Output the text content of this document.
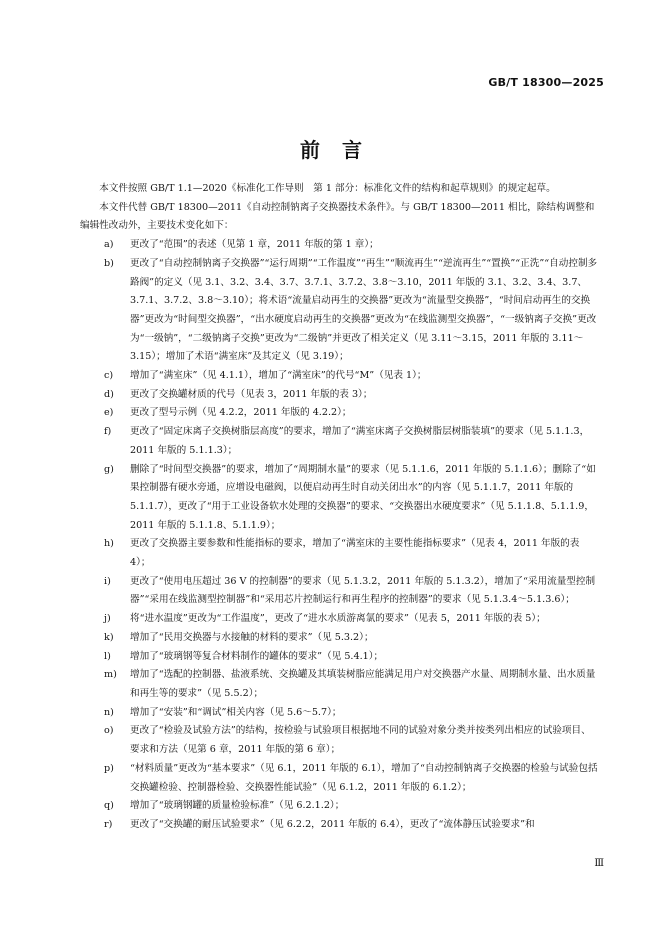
GB/T 18300—2025
前言

本文件按照 GB/T 1.1—2020《标准化工作导则　第 1 部分：标准化文件的结构和起草规则》的规定起草。

本文件代替 GB/T 18300—2011《自动控制钠离子交换器技术条件》。与 GB/T 18300—2011 相比，除结构调整和编辑性改动外，主要技术变化如下：

a)	更改了“范围”的表述（见第 1 章，2011 年版的第 1 章）；
b)	更改了“自动控制钠离子交换器”“运行周期”“工作温度”“再生”“顺流再生”“逆流再生”“置换”“正洗”“自动控制多路阀”的定义（见 3.1、3.2、3.4、3.7、3.7.1、3.7.2、3.8～3.10，2011 年版的 3.1、3.2、3.4、3.7、3.7.1、3.7.2、3.8～3.10）；将术语“流量启动再生的交换器”更改为“流量型交换器”，“时间启动再生的交换器”更改为“时间型交换器”，“出水硬度启动再生的交换器”更改为“在线监测型交换器”，“一级钠离子交换”更改为“一级钠”，“二级钠离子交换”更改为“二级钠”并更改了相关定义（见 3.11～3.15，2011 年版的 3.11～3.15）；增加了术语“满室床”及其定义（见 3.19）；
c)	增加了“满室床”（见 4.1.1），增加了“满室床”的代号“M”（见表 1）；
d)	更改了交换罐材质的代号（见表 3，2011 年版的表 3）；
e)	更改了型号示例（见 4.2.2，2011 年版的 4.2.2）；
f)	更改了“固定床离子交换树脂层高度”的要求，增加了“满室床离子交换树脂层树脂装填”的要求（见 5.1.1.3，2011 年版的 5.1.1.3）；
g)	删除了“时间型交换器”的要求，增加了“周期制水量”的要求（见 5.1.1.6，2011 年版的 5.1.1.6）；删除了“如果控制器有硬水旁通，应增设电磁阀，以便启动再生时自动关闭出水”的内容（见 5.1.1.7，2011 年版的 5.1.1.7），更改了“用于工业设备软水处理的交换器”的要求、“交换器出水硬度要求”（见 5.1.1.8、5.1.1.9，2011 年版的 5.1.1.8、5.1.1.9）；
h)	更改了交换器主要参数和性能指标的要求，增加了“满室床的主要性能指标要求”（见表 4，2011 年版的表 4）；
i)	更改了“使用电压超过 36 V 的控制器”的要求（见 5.1.3.2，2011 年版的 5.1.3.2），增加了“采用流量型控制器”“采用在线监测型控制器”和“采用芯片控制运行和再生程序的控制器”的要求（见 5.1.3.4～5.1.3.6）；
j)	将“进水温度”更改为“工作温度”，更改了“进水水质游离氯的要求”（见表 5，2011 年版的表 5）；
k)	增加了“民用交换器与水接触的材料的要求”（见 5.3.2）；
l)	增加了“玻璃钢等复合材料制作的罐体的要求”（见 5.4.1）；
m)	增加了“选配的控制器、盐液系统、交换罐及其填装树脂应能满足用户对交换器产水量、周期制水量、出水质量和再生等的要求”（见 5.5.2）；
n)	增加了“安装”和“调试”相关内容（见 5.6～5.7）；
o)	更改了“检验及试验方法”的结构，按检验与试验项目根据地不同的试验对象分类并按类列出相应的试验项目、要求和方法（见第 6 章，2011 年版的第 6 章）；
p)	“材料质量”更改为“基本要求”（见 6.1，2011 年版的 6.1），增加了“自动控制钠离子交换器的检验与试验包括交换罐检验、控制器检验、交换器性能试验”（见 6.1.2，2011 年版的 6.1.2）；
q)	增加了“玻璃钢罐的质量检验标准”（见 6.2.1.2）；
r)	更改了“交换罐的耐压试验要求”（见 6.2.2，2011 年版的 6.4），更改了“流体静压试验要求”和
Ⅲ
